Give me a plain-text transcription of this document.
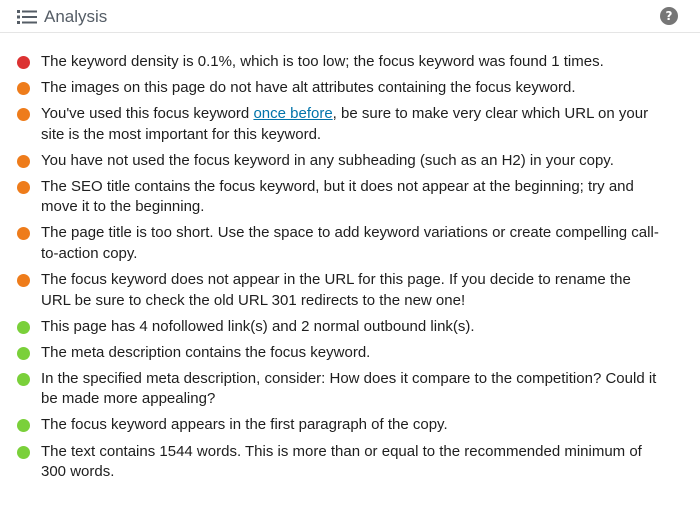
Analysis	?
The keyword density is 0.1%, which is too low; the focus keyword was found 1 times.
The images on this page do not have alt attributes containing the focus keyword.
You've used this focus keyword once before, be sure to make very clear which URL on your site is the most important for this keyword.
You have not used the focus keyword in any subheading (such as an H2) in your copy.
The SEO title contains the focus keyword, but it does not appear at the beginning; try and move it to the beginning.
The page title is too short. Use the space to add keyword variations or create compelling call-to-action copy.
The focus keyword does not appear in the URL for this page. If you decide to rename the URL be sure to check the old URL 301 redirects to the new one!
This page has 4 nofollowed link(s) and 2 normal outbound link(s).
The meta description contains the focus keyword.
In the specified meta description, consider: How does it compare to the competition? Could it be made more appealing?
The focus keyword appears in the first paragraph of the copy.
The text contains 1544 words. This is more than or equal to the recommended minimum of 300 words.
